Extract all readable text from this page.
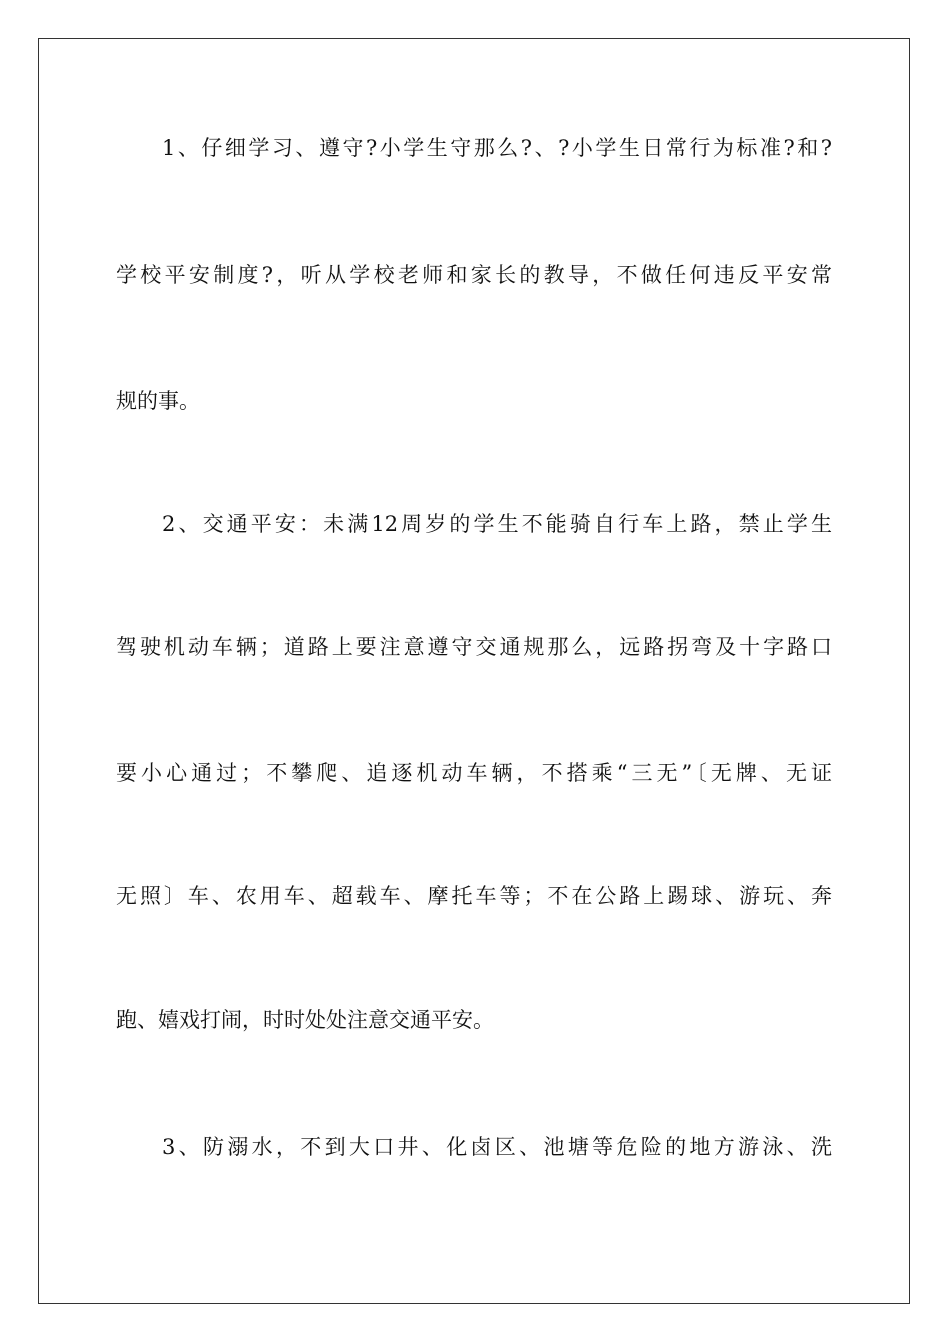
1、仔细学习、遵守?小学生守那么?、?小学生日常行为标准?和?
学校平安制度?，听从学校老师和家长的教导，不做任何违反平安常
规的事。
2、交通平安：未满12周岁的学生不能骑自行车上路，禁止学生
驾驶机动车辆；道路上要注意遵守交通规那么，远路拐弯及十字路口
要小心通过；不攀爬、追逐机动车辆，不搭乘“三无”〔无牌、无证
无照〕车、农用车、超载车、摩托车等；不在公路上踢球、游玩、奔
跑、嬉戏打闹，时时处处注意交通平安。
3、防溺水，不到大口井、化卤区、池塘等危险的地方游泳、洗
